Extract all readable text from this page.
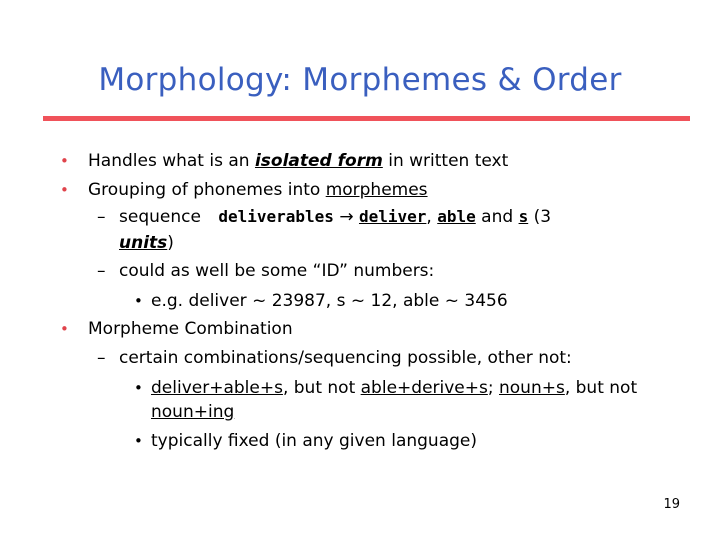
Morphology: Morphemes & Order
• Handles what is an isolated form in written text
• Grouping of phonemes into morphemes
– sequence deliverables → deliver, able and s (3
units)
– could as well be some “ID” numbers:
• e.g. deliver ~ 23987, s ~ 12, able ~ 3456
• Morpheme Combination
– certain combinations/sequencing possible, other not:
• deliver+able+s, but not able+derive+s; noun+s, but not
noun+ing
• typically fixed (in any given language)
19
